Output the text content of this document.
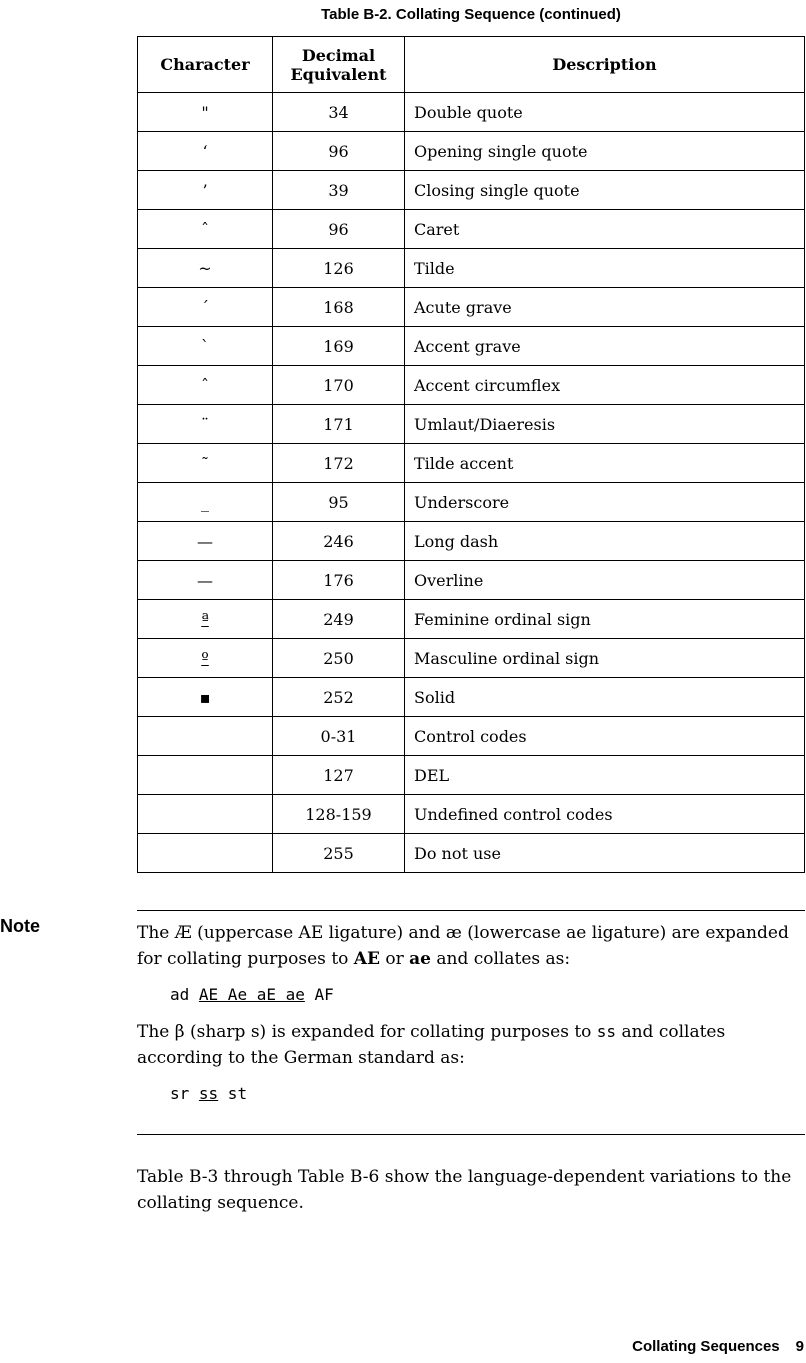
Table B-2. Collating Sequence (continued)
Character	Decimal Equivalent	Description
"	34	Double quote
‘	96	Opening single quote
’	39	Closing single quote
ˆ	96	Caret
~	126	Tilde
´	168	Acute grave
`	169	Accent grave
ˆ	170	Accent circumflex
¨	171	Umlaut/Diaeresis
˜	172	Tilde accent
_	95	Underscore
—	246	Long dash
—	176	Overline
ª	249	Feminine ordinal sign
º	250	Masculine ordinal sign
▪	252	Solid
	0-31	Control codes
	127	DEL
	128-159	Undefined control codes
	255	Do not use
Note	The Æ (uppercase AE ligature) and æ (lowercase ae ligature) are expanded for collating purposes to AE or ae and collates as:

ad AE Ae aE ae AF

The β (sharp s) is expanded for collating purposes to ss and collates according to the German standard as:

sr ss st

Table B-3 through Table B-6 show the language-dependent variations to the collating sequence.

Collating Sequences 9
